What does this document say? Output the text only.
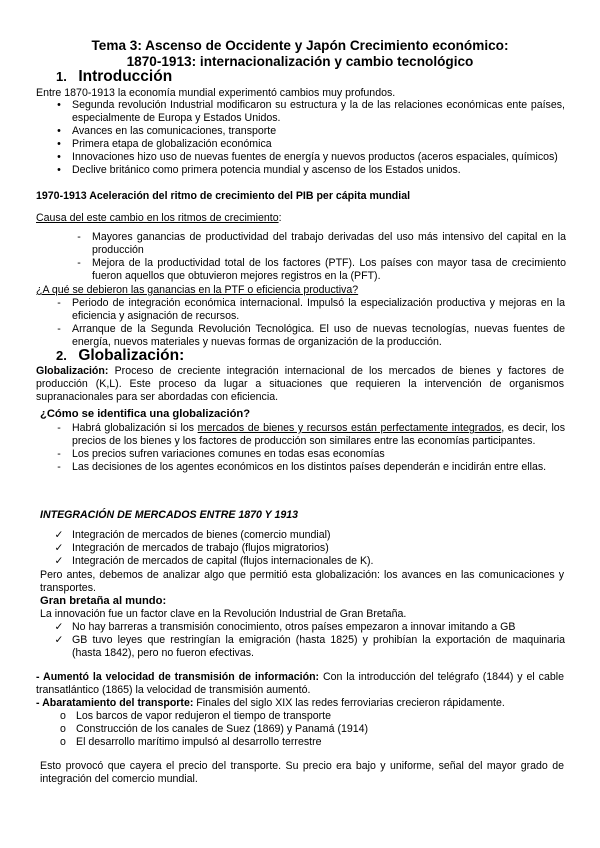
Tema 3: Ascenso de Occidente y Japón Crecimiento económico:
1870-1913: internacionalización y cambio tecnológico
1. Introducción
Entre 1870-1913 la economía mundial experimentó cambios muy profundos.
•	Segunda revolución Industrial modificaron su estructura y la de las relaciones económicas ente países, especialmente de Europa y Estados Unidos.
•	Avances en las comunicaciones, transporte
•	Primera etapa de globalización económica
•	Innovaciones hizo uso de nuevas fuentes de energía y nuevos productos (aceros espaciales, químicos)
•	Declive británico como primera potencia mundial y ascenso de los Estados unidos.
1970-1913 Aceleración del ritmo de crecimiento del PIB per cápita mundial
Causa del este cambio en los ritmos de crecimiento:
-	Mayores ganancias de productividad del trabajo derivadas del uso más intensivo del capital en la producción
-	Mejora de la productividad total de los factores (PTF). Los países con mayor tasa de crecimiento fueron aquellos que obtuvieron mejores registros en la (PFT).
¿A qué se debieron las ganancias en la PTF o eficiencia productiva?
-	Periodo de integración económica internacional. Impulsó la especialización productiva y mejoras en la eficiencia y asignación de recursos.
-	Arranque de la Segunda Revolución Tecnológica. El uso de nuevas tecnologías, nuevas fuentes de energía, nuevos materiales y nuevas formas de organización de la producción.
2. Globalización:
Globalización: Proceso de creciente integración internacional de los mercados de bienes y factores de producción (K,L). Este proceso da lugar a situaciones que requieren la intervención de organismos supranacionales para ser abordadas con eficiencia.
¿Cómo se identifica una globalización?
-	Habrá globalización si los mercados de bienes y recursos están perfectamente integrados, es decir, los precios de los bienes y los factores de producción son similares entre las economías participantes.
-	Los precios sufren variaciones comunes en todas esas economías
-	Las decisiones de los agentes económicos en los distintos países dependerán e incidirán entre ellas.
INTEGRACIÓN DE MERCADOS ENTRE 1870 Y 1913
✓ Integración de mercados de bienes (comercio mundial)
✓ Integración de mercados de trabajo (flujos migratorios)
✓ Integración de mercados de capital (flujos internacionales de K).
Pero antes, debemos de analizar algo que permitió esta globalización: los avances en las comunicaciones y transportes.
Gran bretaña al mundo:
La innovación fue un factor clave en la Revolución Industrial de Gran Bretaña.
✓ No hay barreras a transmisión conocimiento, otros países empezaron a innovar imitando a GB
✓ GB tuvo leyes que restringían la emigración (hasta 1825) y prohibían la exportación de maquinaria (hasta 1842), pero no fueron efectivas.
- Aumentó la velocidad de transmisión de información: Con la introducción del telégrafo (1844) y el cable transatlántico (1865) la velocidad de transmisión aumentó.
- Abaratamiento del transporte: Finales del siglo XIX las redes ferroviarias crecieron rápidamente.
o Los barcos de vapor redujeron el tiempo de transporte
o Construcción de los canales de Suez (1869) y Panamá (1914)
o El desarrollo marítimo impulsó al desarrollo terrestre
Esto provocó que cayera el precio del transporte. Su precio era bajo y uniforme, señal del mayor grado de integración del comercio mundial.
